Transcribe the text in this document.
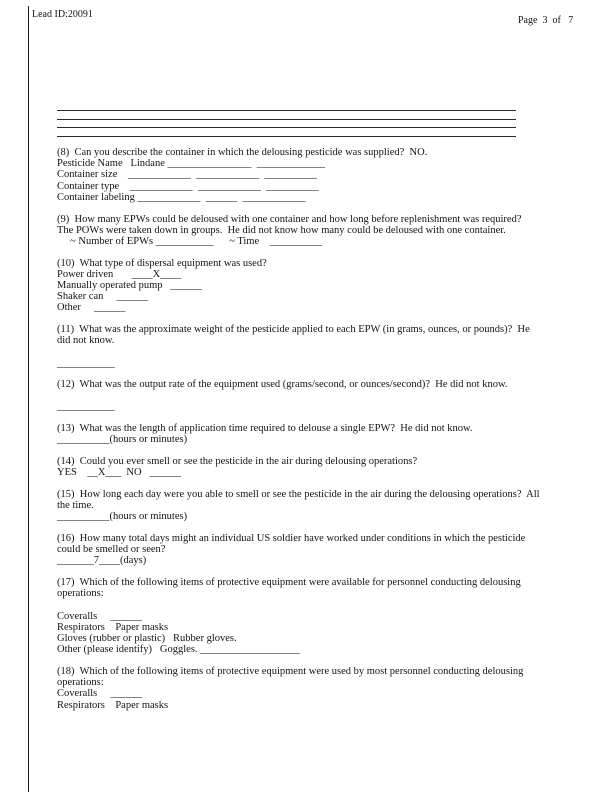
Lead ID:20091
Page  3  of   7
(8)  Can you describe the container in which the delousing pesticide was supplied?  NO.
Pesticide Name   Lindane ________________  _____________
Container size    ____________  ____________  __________
Container type    ____________  ____________  __________
Container labeling ____________  ______  ____________
(9)  How many EPWs could be deloused with one container and how long before replenishment was required?
The POWs were taken down in groups.  He did not know how many could be deloused with one container.
~ Number of EPWs ___________      ~ Time    __________
(10)  What type of dispersal equipment was used?
Power driven       ____X____
Manually operated pump   ______
Shaker can     ______
Other     ______
(11)  What was the approximate weight of the pesticide applied to each EPW (in grams, ounces, or pounds)?  He
did not know.
___________
(12)  What was the output rate of the equipment used (grams/second, or ounces/second)?  He did not know.
___________
(13)  What was the length of application time required to delouse a single EPW?  He did not know.
__________(hours or minutes)
(14)  Could you ever smell or see the pesticide in the air during delousing operations?
YES    __X___  NO   ______
(15)  How long each day were you able to smell or see the pesticide in the air during the delousing operations?  All
the time.
__________(hours or minutes)
(16)  How many total days might an individual US soldier have worked under conditions in which the pesticide
could be smelled or seen?
_______7____(days)
(17)  Which of the following items of protective equipment were available for personnel conducting delousing
operations:
Coveralls     ______
Respirators    Paper masks
Gloves (rubber or plastic)   Rubber gloves.
Other (please identify)   Goggles. ___________________
(18)  Which of the following items of protective equipment were used by most personnel conducting delousing
operations:
Coveralls     ______
Respirators    Paper masks
